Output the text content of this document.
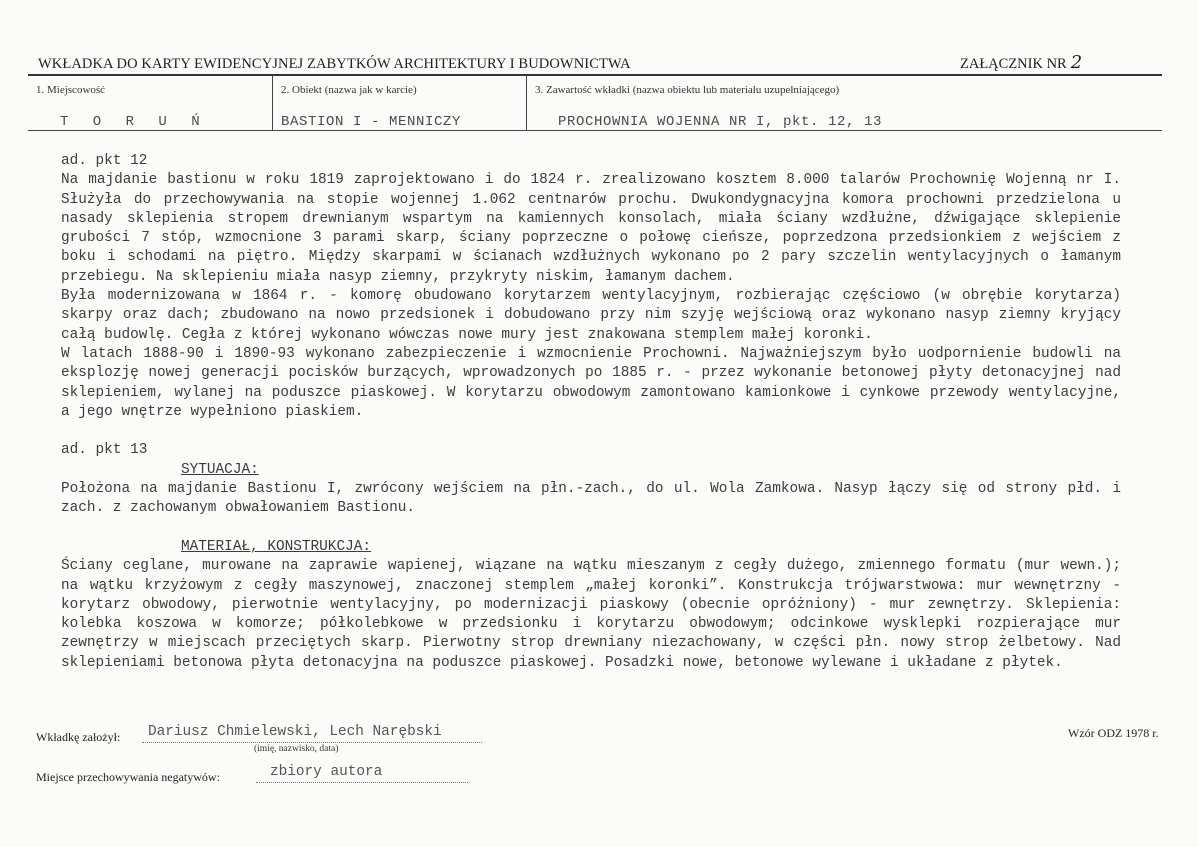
WKŁADKA DO KARTY EWIDENCYJNEJ ZABYTKÓW ARCHITEKTURY I BUDOWNICTWA	ZAŁĄCZNIK NR 2
1. Miejscowość	2. Obiekt (nazwa jak w karcie)	3. Zawartość wkładki (nazwa obiektu lub materiału uzupełniającego)
T O R U Ń	BASTION I - MENNICZY	PROCHOWNIA WOJENNA NR I, pkt. 12, 13

ad. pkt 12

Na majdanie bastionu w roku 1819 zaprojektowano i do 1824 r. zrealizowano kosztem 8.000 talarów Prochownię Wojenną nr I. Służyła do przechowywania na stopie wojennej 1.062 centnarów prochu. Dwukondygnacyjna komora prochowni przedzielona u nasady sklepienia stropem drewnianym wspartym na kamiennych konsolach, miała ściany wzdłużne, dźwigające sklepienie grubości 7 stóp, wzmocnione 3 parami skarp, ściany poprzeczne o połowę cieńsze, poprzedzona przedsionkiem z wejściem z boku i schodami na piętro. Między skarpami w ścianach wzdłużnych wykonano po 2 pary szczelin wentylacyjnych o łamanym przebiegu. Na sklepieniu miała nasyp ziemny, przykryty niskim, łamanym dachem.

Była modernizowana w 1864 r. - komorę obudowano korytarzem wentylacyjnym, rozbierając częściowo (w obrębie korytarza) skarpy oraz dach; zbudowano na nowo przedsionek i dobudowano przy nim szyję wejściową oraz wykonano nasyp ziemny kryjący całą budowlę. Cegła z której wykonano wówczas nowe mury jest znakowana stemplem małej koronki.

W latach 1888-90 i 1890-93 wykonano zabezpieczenie i wzmocnienie Prochowni. Najważniejszym było uodpornienie budowli na eksplozję nowej generacji pocisków burzących, wprowadzonych po 1885 r. - przez wykonanie betonowej płyty detonacyjnej nad sklepieniem, wylanej na poduszce piaskowej. W korytarzu obwodowym zamontowano kamionkowe i cynkowe przewody wentylacyjne, a jego wnętrze wypełniono piaskiem.

ad. pkt 13

SYTUACJA:

Położona na majdanie Bastionu I, zwrócony wejściem na płn.-zach., do ul. Wola Zamkowa. Nasyp łączy się od strony płd. i zach. z zachowanym obwałowaniem Bastionu.

MATERIAŁ, KONSTRUKCJA:

Ściany ceglane, murowane na zaprawie wapienej, wiązane na wątku mieszanym z cegły dużego, zmiennego formatu (mur wewn.); na wątku krzyżowym z cegły maszynowej, znaczonej stemplem „małej koronki”. Konstrukcja trójwarstwowa: mur wewnętrzny - korytarz obwodowy, pierwotnie wentylacyjny, po modernizacji piaskowy (obecnie opróżniony) - mur zewnętrzy. Sklepienia: kolebka koszowa w komorze; półkolebkowe w przedsionku i korytarzu obwodowym; odcinkowe wysklepki rozpierające mur zewnętrzy w miejscach przeciętych skarp. Pierwotny strop drewniany niezachowany, w części płn. nowy strop żelbetowy. Nad sklepieniami betonowa płyta detonacyjna na poduszce piaskowej. Posadzki nowe, betonowe wylewane i układane z płytek.

Wkładkę założył: Dariusz Chmielewski, Lech Narębski
(imię, nazwisko, data)
Miejsce przechowywania negatywów:	zbiory autora
Wzór ODZ 1978 r.
